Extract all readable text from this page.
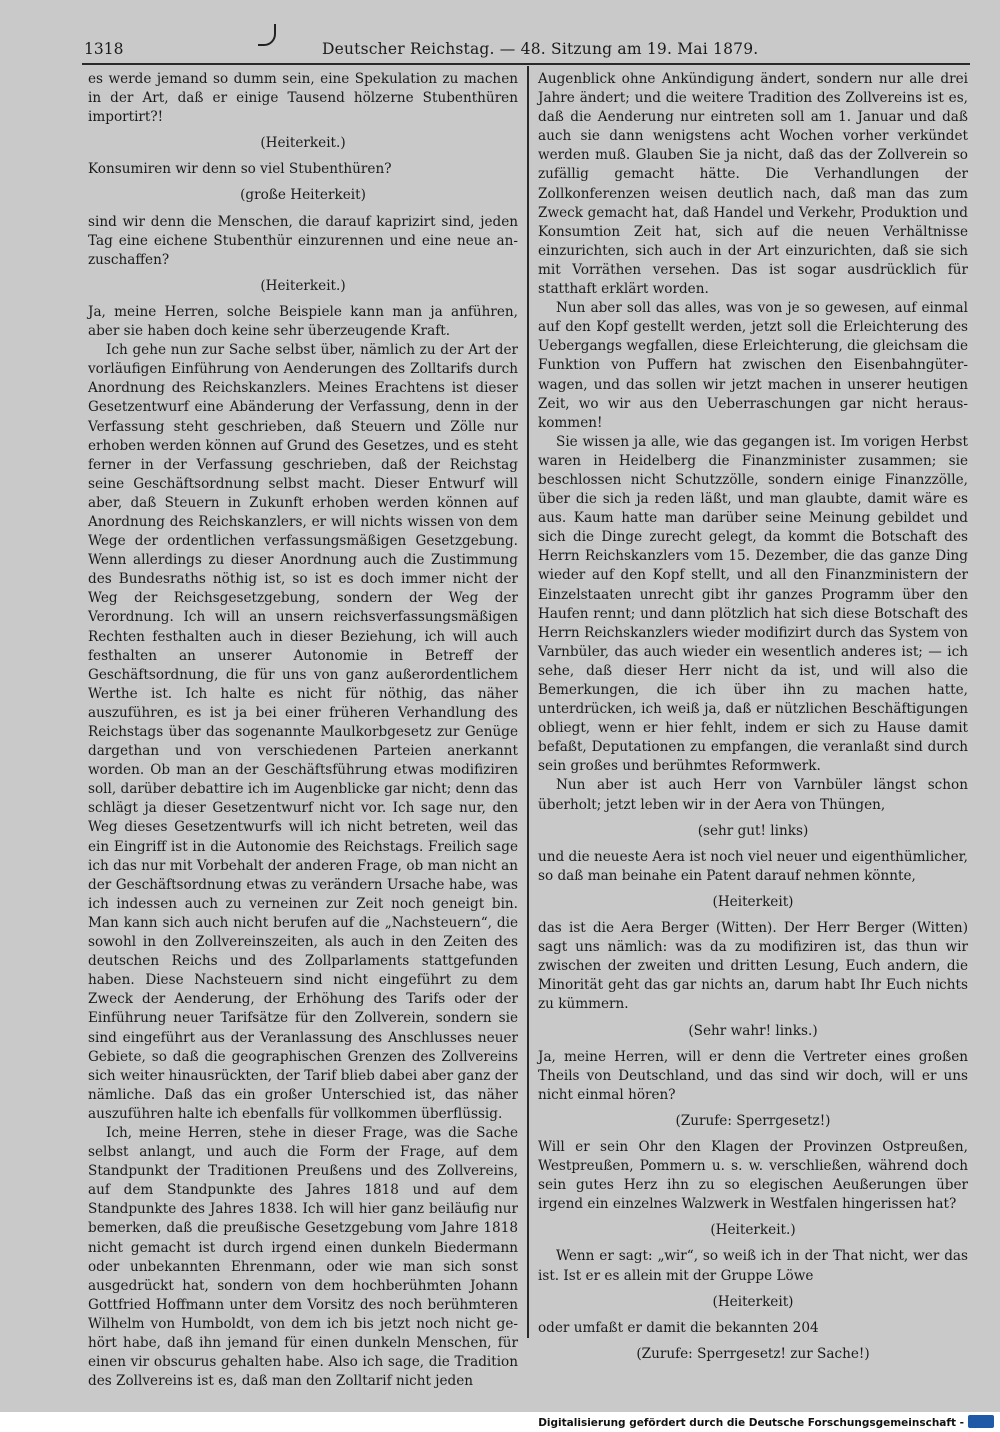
1318	Deutscher Reichstag. — 48. Sitzung am 19. Mai 1879.

es werde jemand so dumm sein, eine Spekulation zu machen in der Art, daß er einige Tausend hölzerne Stubenthüren importirt?!

(Heiterkeit.)

Konsumiren wir denn so viel Stubenthüren?

(große Heiterkeit)

sind wir denn die Menschen, die darauf kaprizirt sind, jeden Tag eine eichene Stubenthür einzurennen und eine neue anzuschaffen?

(Heiterkeit.)

Ja, meine Herren, solche Beispiele kann man ja anführen, aber sie haben doch keine sehr überzeugende Kraft.

Ich gehe nun zur Sache selbst über, nämlich zu der Art der vorläufigen Einführung von Aenderungen des Zolltarifs durch Anordnung des Reichskanzlers. Meines Erachtens ist dieser Gesetzentwurf eine Abänderung der Verfassung, denn in der Verfassung steht geschrieben, daß Steuern und Zölle nur erhoben werden können auf Grund des Gesetzes, und es steht ferner in der Verfassung geschrieben, daß der Reichstag seine Geschäftsordnung selbst macht. Dieser Entwurf will aber, daß Steuern in Zukunft erhoben werden können auf Anordnung des Reichskanzlers, er will nichts wissen von dem Wege der ordentlichen verfassungsmäßigen Gesetzgebung. Wenn allerdings zu dieser Anordnung auch die Zustimmung des Bundesraths nöthig ist, so ist es doch immer nicht der Weg der Reichsgesetzgebung, sondern der Weg der Verordnung. Ich will an unsern reichsverfassungsmäßigen Rechten festhalten auch in dieser Beziehung, ich will auch festhalten an unserer Autonomie in Betreff der Geschäftsordnung, die für uns von ganz außerordentlichem Werthe ist. Ich halte es nicht für nöthig, das näher auszuführen, es ist ja bei einer früheren Verhandlung des Reichstags über das sogenannte Maulkorbgesetz zur Genüge dargethan und von verschiedenen Parteien anerkannt worden. Ob man an der Geschäftsführung etwas modifiziren soll, darüber debattire ich im Augenblicke gar nicht; denn das schlägt ja dieser Gesetzentwurf nicht vor. Ich sage nur, den Weg dieses Gesetzentwurfs will ich nicht betreten, weil das ein Eingriff ist in die Autonomie des Reichstags. Freilich sage ich das nur mit Vorbehalt der anderen Frage, ob man nicht an der Geschäftsordnung etwas zu verändern Ursache habe, was ich indessen auch zu verneinen zur Zeit noch geneigt bin. Man kann sich auch nicht berufen auf die „Nachsteuern“, die sowohl in den Zollvereinszeiten, als auch in den Zeiten des deutschen Reichs und des Zollparlaments stattgefunden haben. Diese Nachsteuern sind nicht eingeführt zu dem Zweck der Aenderung, der Erhöhung des Tarifs oder der Einführung neuer Tarifsätze für den Zollverein, sondern sie sind eingeführt aus der Veranlassung des Anschlusses neuer Gebiete, so daß die geographischen Grenzen des Zollvereins sich weiter hinausrückten, der Tarif blieb dabei aber ganz der nämliche. Daß das ein großer Unterschied ist, das näher auszuführen halte ich ebenfalls für vollkommen überflüssig.

Ich, meine Herren, stehe in dieser Frage, was die Sache selbst anlangt, und auch die Form der Frage, auf dem Standpunkt der Traditionen Preußens und des Zollvereins, auf dem Standpunkte des Jahres 1818 und auf dem Standpunkte des Jahres 1838. Ich will hier ganz beiläufig nur bemerken, daß die preußische Gesetzgebung vom Jahre 1818 nicht gemacht ist durch irgend einen dunkeln Biedermann oder unbekannten Ehrenmann, oder wie man sich sonst ausgedrückt hat, sondern von dem hochberühmten Johann Gottfried Hoffmann unter dem Vorsitz des noch berühmteren Wilhelm von Humboldt, von dem ich bis jetzt noch nicht gehört habe, daß ihn jemand für einen dunkeln Menschen, für einen vir obscurus gehalten habe. Also ich sage, die Tradition des Zollvereins ist es, daß man den Zolltarif nicht jeden

Augenblick ohne Ankündigung ändert, sondern nur alle drei Jahre ändert; und die weitere Tradition des Zollvereins ist es, daß die Aenderung nur eintreten soll am 1. Januar und daß auch sie dann wenigstens acht Wochen vorher verkündet werden muß. Glauben Sie ja nicht, daß das der Zollverein so zufällig gemacht hätte. Die Verhandlungen der Zollkonferenzen weisen deutlich nach, daß man das zum Zweck gemacht hat, daß Handel und Verkehr, Produktion und Konsumtion Zeit hat, sich auf die neuen Verhältnisse einzurichten, sich auch in der Art einzurichten, daß sie sich mit Vorräthen versehen. Das ist sogar ausdrücklich für statthaft erklärt worden.

Nun aber soll das alles, was von je so gewesen, auf einmal auf den Kopf gestellt werden, jetzt soll die Erleichterung des Uebergangs wegfallen, diese Erleichterung, die gleichsam die Funktion von Puffern hat zwischen den Eisenbahngüterwagen, und das sollen wir jetzt machen in unserer heutigen Zeit, wo wir aus den Ueberraschungen gar nicht herauskommen!

Sie wissen ja alle, wie das gegangen ist. Im vorigen Herbst waren in Heidelberg die Finanzminister zusammen; sie beschlossen nicht Schutzzölle, sondern einige Finanzzölle, über die sich ja reden läßt, und man glaubte, damit wäre es aus. Kaum hatte man darüber seine Meinung gebildet und sich die Dinge zurecht gelegt, da kommt die Botschaft des Herrn Reichskanzlers vom 15. Dezember, die das ganze Ding wieder auf den Kopf stellt, und all den Finanzministern der Einzelstaaten unrecht gibt ihr ganzes Programm über den Haufen rennt; und dann plötzlich hat sich diese Botschaft des Herrn Reichskanzlers wieder modifizirt durch das System von Varnbüler, das auch wieder ein wesentlich anderes ist; — ich sehe, daß dieser Herr nicht da ist, und will also die Bemerkungen, die ich über ihn zu machen hatte, unterdrücken, ich weiß ja, daß er nützlichen Beschäftigungen obliegt, wenn er hier fehlt, indem er sich zu Hause damit befaßt, Deputationen zu empfangen, die veranlaßt sind durch sein großes und berühmtes Reformwerk.

Nun aber ist auch Herr von Varnbüler längst schon überholt; jetzt leben wir in der Aera von Thüngen,

(sehr gut! links)

und die neueste Aera ist noch viel neuer und eigenthümlicher, so daß man beinahe ein Patent darauf nehmen könnte,

(Heiterkeit)

das ist die Aera Berger (Witten). Der Herr Berger (Witten) sagt uns nämlich: was da zu modifiziren ist, das thun wir zwischen der zweiten und dritten Lesung, Euch andern, die Minorität geht das gar nichts an, darum habt Ihr Euch nichts zu kümmern.

(Sehr wahr! links.)

Ja, meine Herren, will er denn die Vertreter eines großen Theils von Deutschland, und das sind wir doch, will er uns nicht einmal hören?

(Zurufe: Sperrgesetz!)

Will er sein Ohr den Klagen der Provinzen Ostpreußen, Westpreußen, Pommern u. s. w. verschließen, während doch sein gutes Herz ihn zu so elegischen Aeußerungen über irgend ein einzelnes Walzwerk in Westfalen hingerissen hat?

(Heiterkeit.)

Wenn er sagt: „wir“, so weiß ich in der That nicht, wer das ist. Ist er es allein mit der Gruppe Löwe

(Heiterkeit)

oder umfaßt er damit die bekannten 204

(Zurufe: Sperrgesetz! zur Sache!)

Digitalisierung gefördert durch die Deutsche Forschungsgemeinschaft -
